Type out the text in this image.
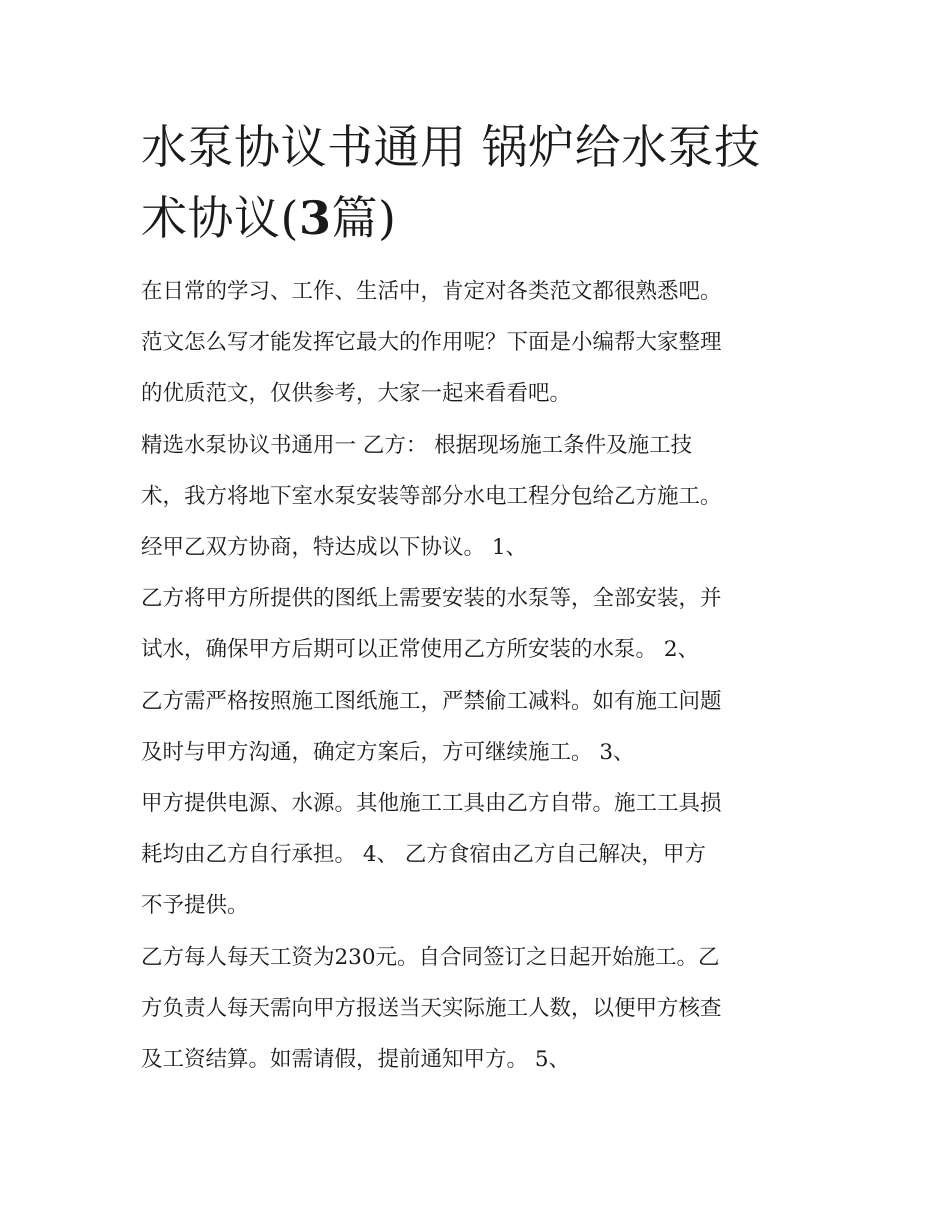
水泵协议书通用 锅炉给水泵技
术协议(3篇)

在日常的学习、工作、生活中，肯定对各类范文都很熟悉吧。
范文怎么写才能发挥它最大的作用呢？下面是小编帮大家整理
的优质范文，仅供参考，大家一起来看看吧。

精选水泵协议书通用一 乙方： 根据现场施工条件及施工技
术，我方将地下室水泵安装等部分水电工程分包给乙方施工。
经甲乙双方协商，特达成以下协议。 1、

乙方将甲方所提供的图纸上需要安装的水泵等，全部安装，并
试水，确保甲方后期可以正常使用乙方所安装的水泵。 2、

乙方需严格按照施工图纸施工，严禁偷工减料。如有施工问题
及时与甲方沟通，确定方案后，方可继续施工。 3、

甲方提供电源、水源。其他施工工具由乙方自带。施工工具损
耗均由乙方自行承担。 4、 乙方食宿由乙方自己解决，甲方
不予提供。

乙方每人每天工资为230元。自合同签订之日起开始施工。乙
方负责人每天需向甲方报送当天实际施工人数，以便甲方核查
及工资结算。如需请假，提前通知甲方。 5、
